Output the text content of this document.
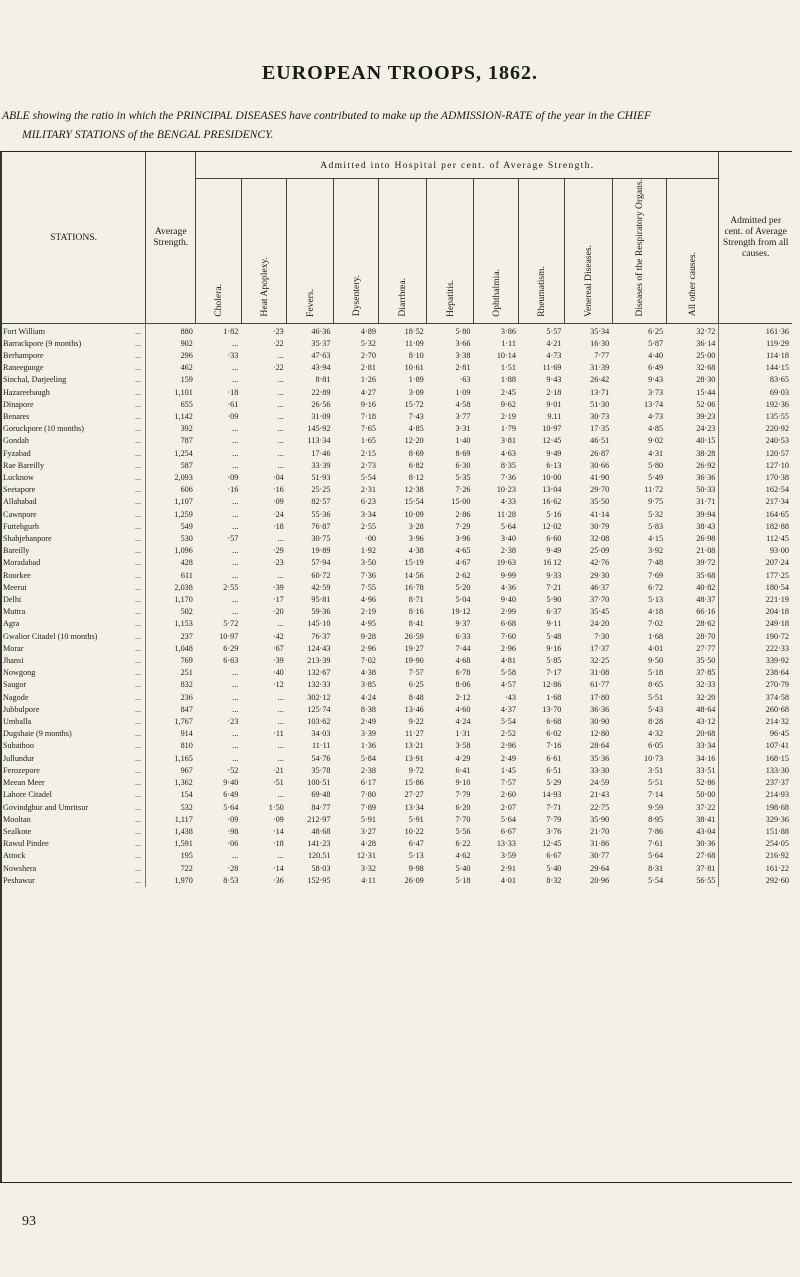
EUROPEAN TROOPS, 1862.
ABLE showing the ratio in which the PRINCIPAL DISEASES have contributed to make up the ADMISSION-RATE of the year in the CHIEF
MILITARY STATIONS of the BENGAL PRESIDENCY.
STATIONS.	Average Strength.	Admitted into Hospital per cent. of Average Strength.											Admitted per cent. of Average Strength from all causes.

		Cholera.	Heat Apoplexy.	Fevers.	Dysentery.	Diarrhœa.	Hepatitis.	Ophthalmia.	Rheumatism.	Venereal Diseases.	Diseases of the Respiratory Organs.	All other causes.	

...
Fort William	880	1·82	·23	46·36	4·89	18·52	5·80	3·86	5·57	35·34	6·25	32·72	161·36

...
Barrackpore (9 months)	902	...	·22	35·37	5·32	11·09	3·66	1·11	4·21	16·30	5·87	36·14	119·29

...
Berhampore	296	·33	...	47·63	2·70	8·10	3·38	10·14	4·73	7·77	4·40	25·00	114·18

...
Raneegunge	462	...	·22	43·94	2·81	10·61	2·81	1·51	11·69	31·39	6·49	32·68	144·15

...
Sinchal, Darjeeling	159	...	...	8·81	1·26	1·89	·63	1·88	9·43	26·42	9·43	28·30	83·65

...
Hazareebaugh	1,101	·18	...	22·89	4·27	3·09	1·09	2·45	2·18	13·71	3·73	15·44	69·03

...
Dinapore	655	·61	...	26·56	9·16	15·72	4·58	9·62	9·01	51·30	13·74	52·06	192·36

...
Benares	1,142	·09	...	31·09	7·18	7·43	3·77	2·19	9.11	30·73	4·73	39·23	135·55

...
Goruckpore (10 months)	392	...	...	145·92	7·65	4·85	3·31	1·79	10·97	17·35	4·85	24·23	220·92

...
Gondah	787	...	...	113·34	1·65	12·20	1·40	3·81	12·45	46·51	9·02	40·15	240·53

...
Fyzabad	1,254	...	...	17·46	2·15	8·69	8·69	4·63	9·49	26·87	4·31	38·28	120·57

...
Rae Bareilly	587	...	...	33·39	2·73	6·82	6·30	8·35	6·13	30·66	5·80	26·92	127·10

...
Lucknow	2,093	·09	·04	51·93	5·54	8·12	5·35	7·36	10·00	41·90	5·49	36·36	170·38

...
Seetapore	606	·16	·16	25·25	2·31	12·38	7·26	10·23	13·04	29·70	11·72	50·33	162·54

...
Allahabad	1,107	...	·09	82·57	6·23	15·54	15·00	4·33	16·62	35·50	9·75	31·71	217·34

...
Cawnpore	1,259	...	·24	55·36	3·34	10·09	2·86	11·28	5·16	41·14	5·32	39·94	164·65

...
Futtehgurh	549	...	·18	76·87	2·55	3·28	7·29	5·64	12·02	30·79	5·83	38·43	182·88

...
Shahjehanpore	530	·57	...	30·75	·00	3·96	3·96	3·40	6·60	32·08	4·15	26·98	112·45

...
Bareilly	1,096	...	·29	19·89	1·92	4·38	4·65	2·38	9·49	25·09	3·92	21·08	93·00

...
Moradabad	428	...	·23	57·94	3·50	15·19	4·67	19·63	16 12	42·76	7·48	39·72	207·24

...
Roorkee	611	...	...	60·72	7·36	14·56	2·62	9·99	9·33	29·30	7·69	35·68	177·25

...
Meerut	2,038	2·55	·39	42·59	7·55	16·78	5·20	4·36	7·21	46·37	6·72	40·82	180·54

...
Delhi	1,170	...	·17	95·81	4·96	8·71	5·04	9·40	5·90	37·70	5·13	48·37	221·19

...
Muttra	502	...	·20	59·36	2·19	8·16	19·12	2·99	6·37	35·45	4·18	66·16	204·18

...
Agra	1,153	5·72	...	145·10	4·95	8·41	9·37	6·68	9·11	24·20	7·02	28·62	249·18

...
Gwalior Citadel (10 months)	237	10·97	·42	76·37	9·28	26·59	6·33	7·60	5·48	7·30	1·68	28·70	190·72

...
Morar	1,048	6·29	·67	124·43	2·96	19·27	7·44	2·96	9·16	17·37	4·01	27·77	222·33

...
Jhansi	769	6·63	·39	213·39	7·02	19·90	4·68	4·81	5·85	32·25	9·50	35·50	339·92

...
Nowgong	251	...	·40	132·67	4·38	7·57	6·78	5·58	7·17	31·08	5·18	37·85	238·64

...
Saugor	832	...	·12	132·33	3·85	6·25	8·06	4·57	12·86	61·77	8·65	32·33	270·79

...
Nagode	236	...	...	302·12	4·24	8·48	2·12	·43	1·68	17·80	5·51	32·20	374·58

...
Jubbulpore	847	...	...	125·74	8·38	13·46	4·60	4·37	13·70	36·36	5·43	48·64	260·68

...
Umballa	1,767	·23	...	103·62	2·49	9·22	4·24	5·54	6·68	30·90	8·28	43·12	214·32

...
Dugshaie (9 months)	914	...	·11	34·03	3·39	11·27	1·31	2·52	6·02	12·80	4·32	20·68	96·45

...
Subathoo	810	...	...	11·11	1·36	13·21	3·58	2·96	7·16	28·64	6·05	33·34	107·41

...
Jullundur	1,165	...	...	54·76	5·84	13·91	4·29	2·49	6·61	35·36	10·73	34·16	168·15

...
Ferozepore	967	·52	·21	35·78	2·38	9·72	6·41	1·45	6·51	33·30	3·51	33·51	133·30

...
Meean Meer	1,362	9·40	·51	100·51	6·17	15·86	9·10	7·57	5·29	24·59	5·51	52·86	237·37

...
Lahore Citadel	154	6·49	...	69·48	7·80	27·27	7·79	2·60	14·93	21·43	7·14	50·00	214·93

...
Govindghur and Umritsur	532	5·64	1·50	84·77	7·89	13·34	6·20	2·07	7·71	22·75	9·59	37·22	198·68

...
Mooltan	1,117	·09	·09	212·97	5·91	5·91	7·70	5·64	7·79	35·90	8·95	38·41	329·36

...
Sealkote	1,438	·98	·14	48·68	3·27	10·22	5·56	6·67	3·76	21·70	7·86	43·04	151·88

...
Rawul Pindee	1,591	·06	·18	141·23	4·28	6·47	6·22	13·33	12·45	31·86	7·61	30·36	254·05

...
Attock	195	...	...	120.51	12·31	5·13	4·62	3·59	6·67	30·77	5·64	27·68	216·92

...
Nowshera	722	·28	·14	58·03	3·32	9·98	5·40	2·91	5·40	29·64	8·31	37·81	161·22

...
Peshawur	1,970	8·53	·36	152·95	4·11	26·09	5·18	4·01	8·32	20·96	5·54	56·55	292·60
93
